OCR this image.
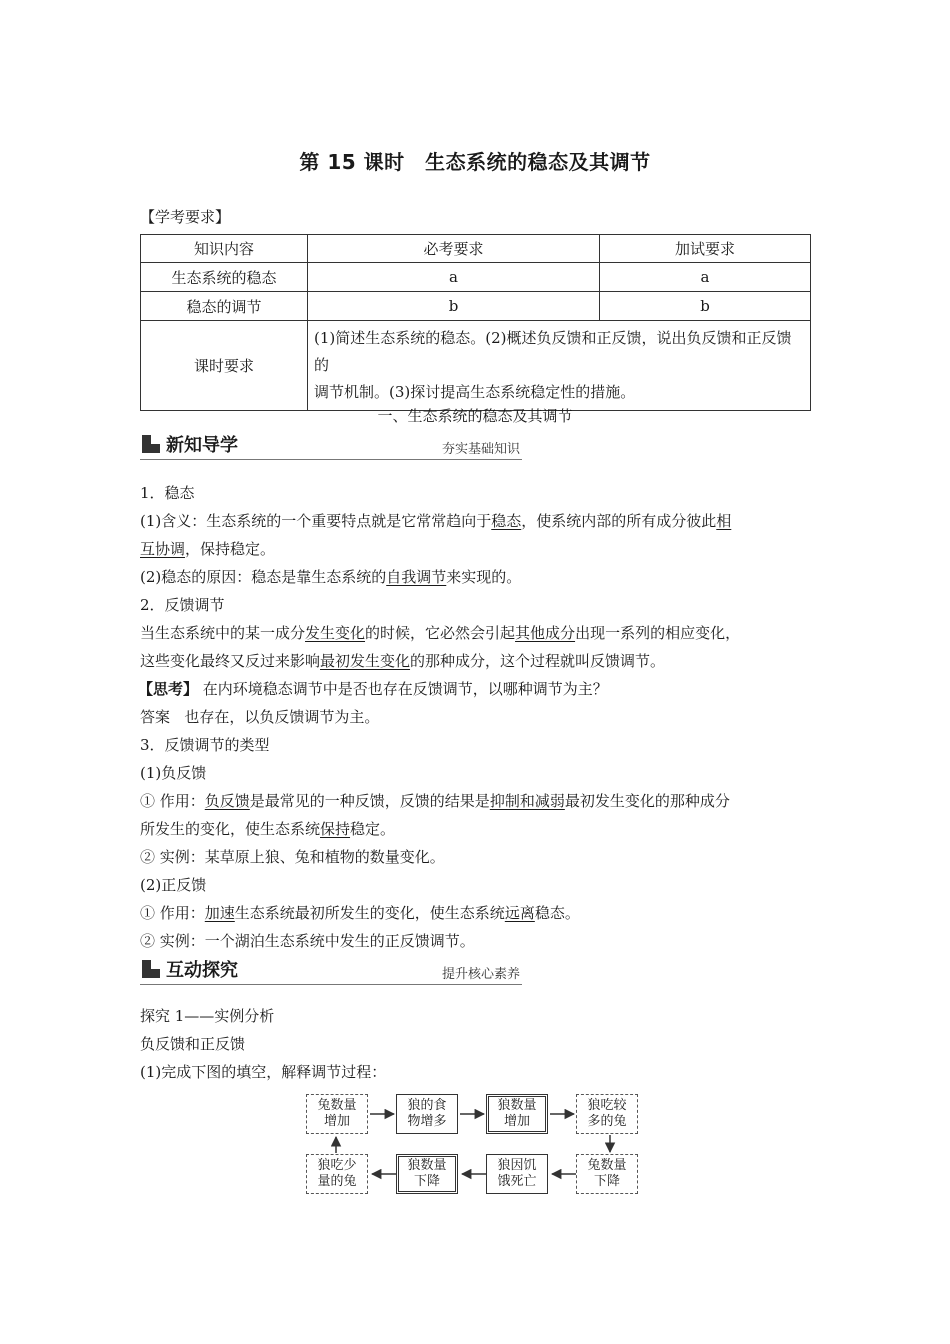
第 15 课时　生态系统的稳态及其调节
【学考要求】
知识内容	必考要求	加试要求
生态系统的稳态	a	a
稳态的调节	b	b
课时要求	(1)简述生态系统的稳态。(2)概述负反馈和正反馈，说出负反馈和正反馈的
调节机制。(3)探讨提高生态系统稳定性的措施。	
一、生态系统的稳态及其调节
新知导学	夯实基础知识
1．稳态
(1)含义：生态系统的一个重要特点就是它常常趋向于稳态，使系统内部的所有成分彼此相
互协调，保持稳定。
(2)稳态的原因：稳态是靠生态系统的自我调节来实现的。
2．反馈调节
当生态系统中的某一成分发生变化的时候，它必然会引起其他成分出现一系列的相应变化，
这些变化最终又反过来影响最初发生变化的那种成分，这个过程就叫反馈调节。
【思考】 在内环境稳态调节中是否也存在反馈调节，以哪种调节为主？
答案 也存在，以负反馈调节为主。
3．反馈调节的类型
(1)负反馈
① 作用：负反馈是最常见的一种反馈，反馈的结果是抑制和减弱最初发生变化的那种成分
所发生的变化，使生态系统保持稳定。
② 实例：某草原上狼、兔和植物的数量变化。
(2)正反馈
① 作用：加速生态系统最初所发生的变化，使生态系统远离稳态。
② 实例：一个湖泊生态系统中发生的正反馈调节。
互动探究	提升核心素养
探究 1——实例分析
负反馈和正反馈
(1)完成下图的填空，解释调节过程：
兔数量
增加
狼的食
物增多
狼数量
增加
狼吃较
多的兔
狼吃少
量的兔
狼数量
下降
狼因饥
饿死亡
兔数量
下降
